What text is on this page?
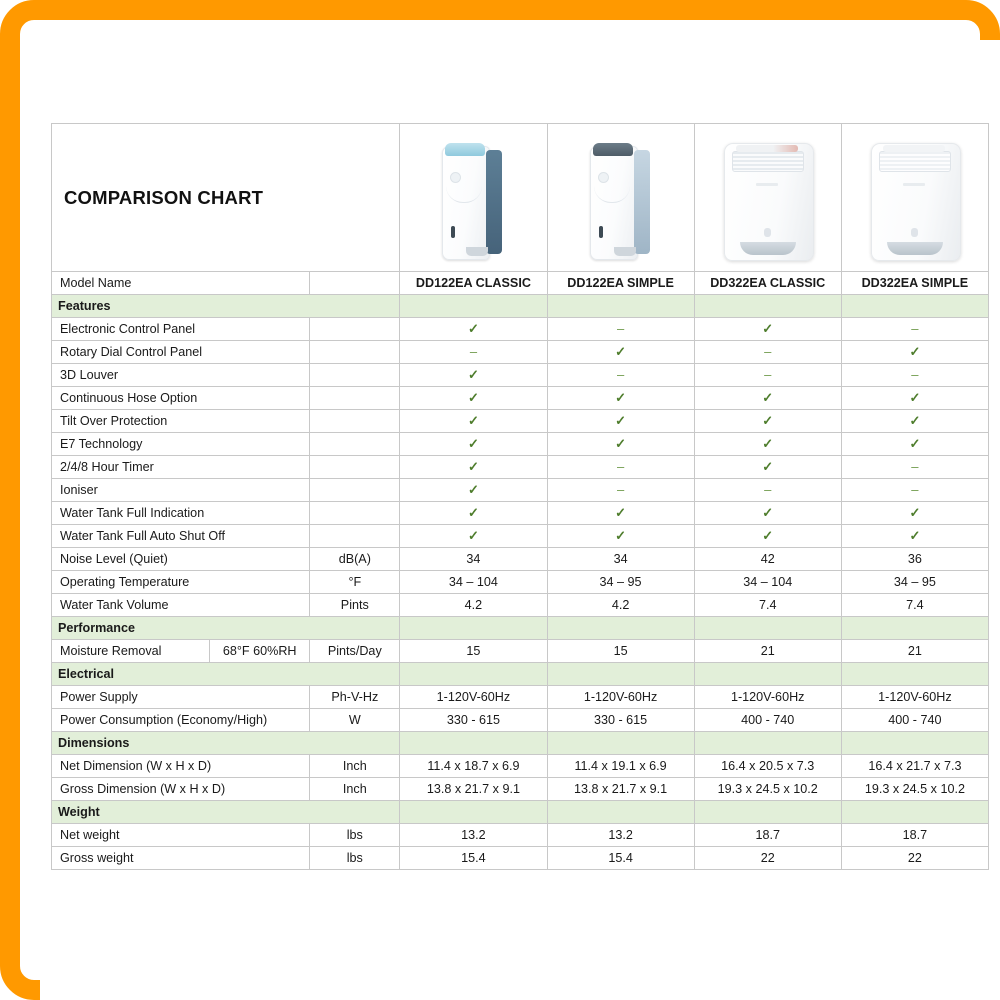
COMPARISON CHART						

Model Name			DD122EA CLASSIC	DD122EA SIMPLE	DD322EA CLASSIC	DD322EA SIMPLE
Features						
Electronic Control Panel			✓	–	✓	–
Rotary Dial Control Panel			–	✓	–	✓
3D Louver			✓	–	–	–
Continuous Hose Option			✓	✓	✓	✓
Tilt Over Protection			✓	✓	✓	✓
E7 Technology			✓	✓	✓	✓
2/4/8 Hour Timer			✓	–	✓	–
Ioniser			✓	–	–	–
Water Tank Full Indication			✓	✓	✓	✓
Water Tank Full Auto Shut Off			✓	✓	✓	✓
Noise Level (Quiet)		dB(A)	34	34	42	36
Operating Temperature		°F	34 – 104	34 – 95	34 – 104	34 – 95
Water Tank Volume		Pints	4.2	4.2	7.4	7.4
Performance						
Moisture Removal	68°F 60%RH	Pints/Day	15	15	21	21
Electrical						
Power Supply		Ph-V-Hz	1-120V-60Hz	1-120V-60Hz	1-120V-60Hz	1-120V-60Hz
Power Consumption (Economy/High)		W	330 - 615	330 - 615	400 - 740	400 - 740
Dimensions						
Net Dimension (W x H x D)		Inch	11.4 x 18.7 x 6.9	11.4 x 19.1 x 6.9	16.4 x 20.5 x 7.3	16.4 x 21.7 x 7.3
Gross Dimension (W x H x D)		Inch	13.8 x 21.7 x 9.1	13.8 x 21.7 x 9.1	19.3 x 24.5 x 10.2	19.3 x 24.5 x 10.2
Weight						
Net weight		lbs	13.2	13.2	18.7	18.7
Gross weight		lbs	15.4	15.4	22	22
